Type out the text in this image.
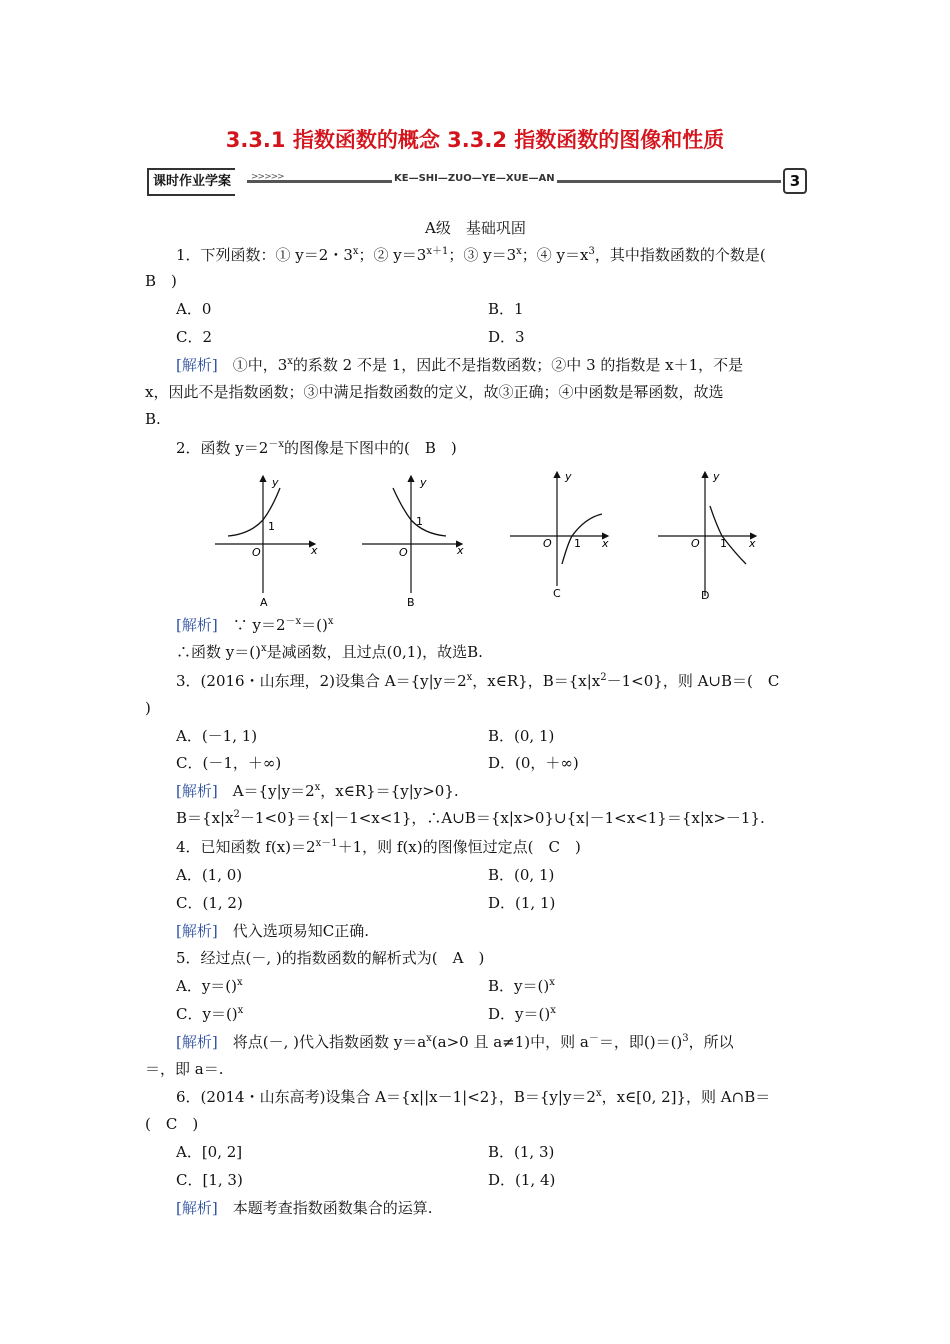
3.3.1 指数函数的概念 3.3.2 指数函数的图像和性质
课时作业学案	>>>>>	KE—SHI—ZUO—YE—XUE—AN	3
A级　基础巩固
1．下列函数：① y＝2・3$^x$；② $y=3^{x+1}$；③ $y=3^x$；④ $y=x^3$，其中指数函数的个数是(
B　)
A．0	B．1
C．2	D．3
[解析]　①中，3$^x$的系数 2 不是 1，因此不是指数函数；②中 3 的指数是 x＋1，不是
x，因此不是指数函数；③中满足指数函数的定义，故③正确；④中函数是幂函数，故选
B.
2．函数 $y=2^{-x}$的图像是下图中的(　B　)
y
x
O
1
A
y
x
O
1
B
y
x
O 1
C
y
x
O 1
D
[解析]　∵ $y=2^{-x}=()^x$
∴函数 y＝()$^x$是减函数，且过点(0,1)，故选B.
3．(2016・山东理，2)设集合 $A=\{y|y=2^x$，x∈R}，$B=\{x|x^2-1<0\}$，则 A∪B＝(　C
)
A．(－1, 1)	B．(0, 1)
C．(－1，＋∞)	D．(0，＋∞)
[解析]　$A=\{y|y=2^x$，x∈R}＝{y|y>0}.
$B=\{x|x^2-1<0\}=\{x|-1<x<1\}$，∴A∪B＝{x|x>0}∪{x|－1<x<1}＝{x|x>－1}.
4．已知函数 $f(x)=2^{x-1}+1$，则 f(x)的图像恒过定点(　C　)
A．(1, 0)	B．(0, 1)
C．(1, 2)	D．(1, 1)
[解析]　代入选项易知C正确.
5．经过点(－, )的指数函数的解析式为(　A　)
A．y＝()$^x$	B．y＝()$^x$
C．y＝()$^x$	D．y＝()$^x$
[解析]　将点(－, )代入指数函数 $y=a^x(a>0$ 且 a≠1)中，则 a－＝，即()＝()$^3$，所以
＝，即 a＝.
6．(2014・山东高考)设集合 A＝{x||x－1|<2}，$B=\{y|y=2^x$，x∈[0, 2]}，则 A∩B＝
(　C　)
A．[0, 2]	B．(1, 3)
C．[1, 3)	D．(1, 4)
[解析]　本题考查指数函数集合的运算.
